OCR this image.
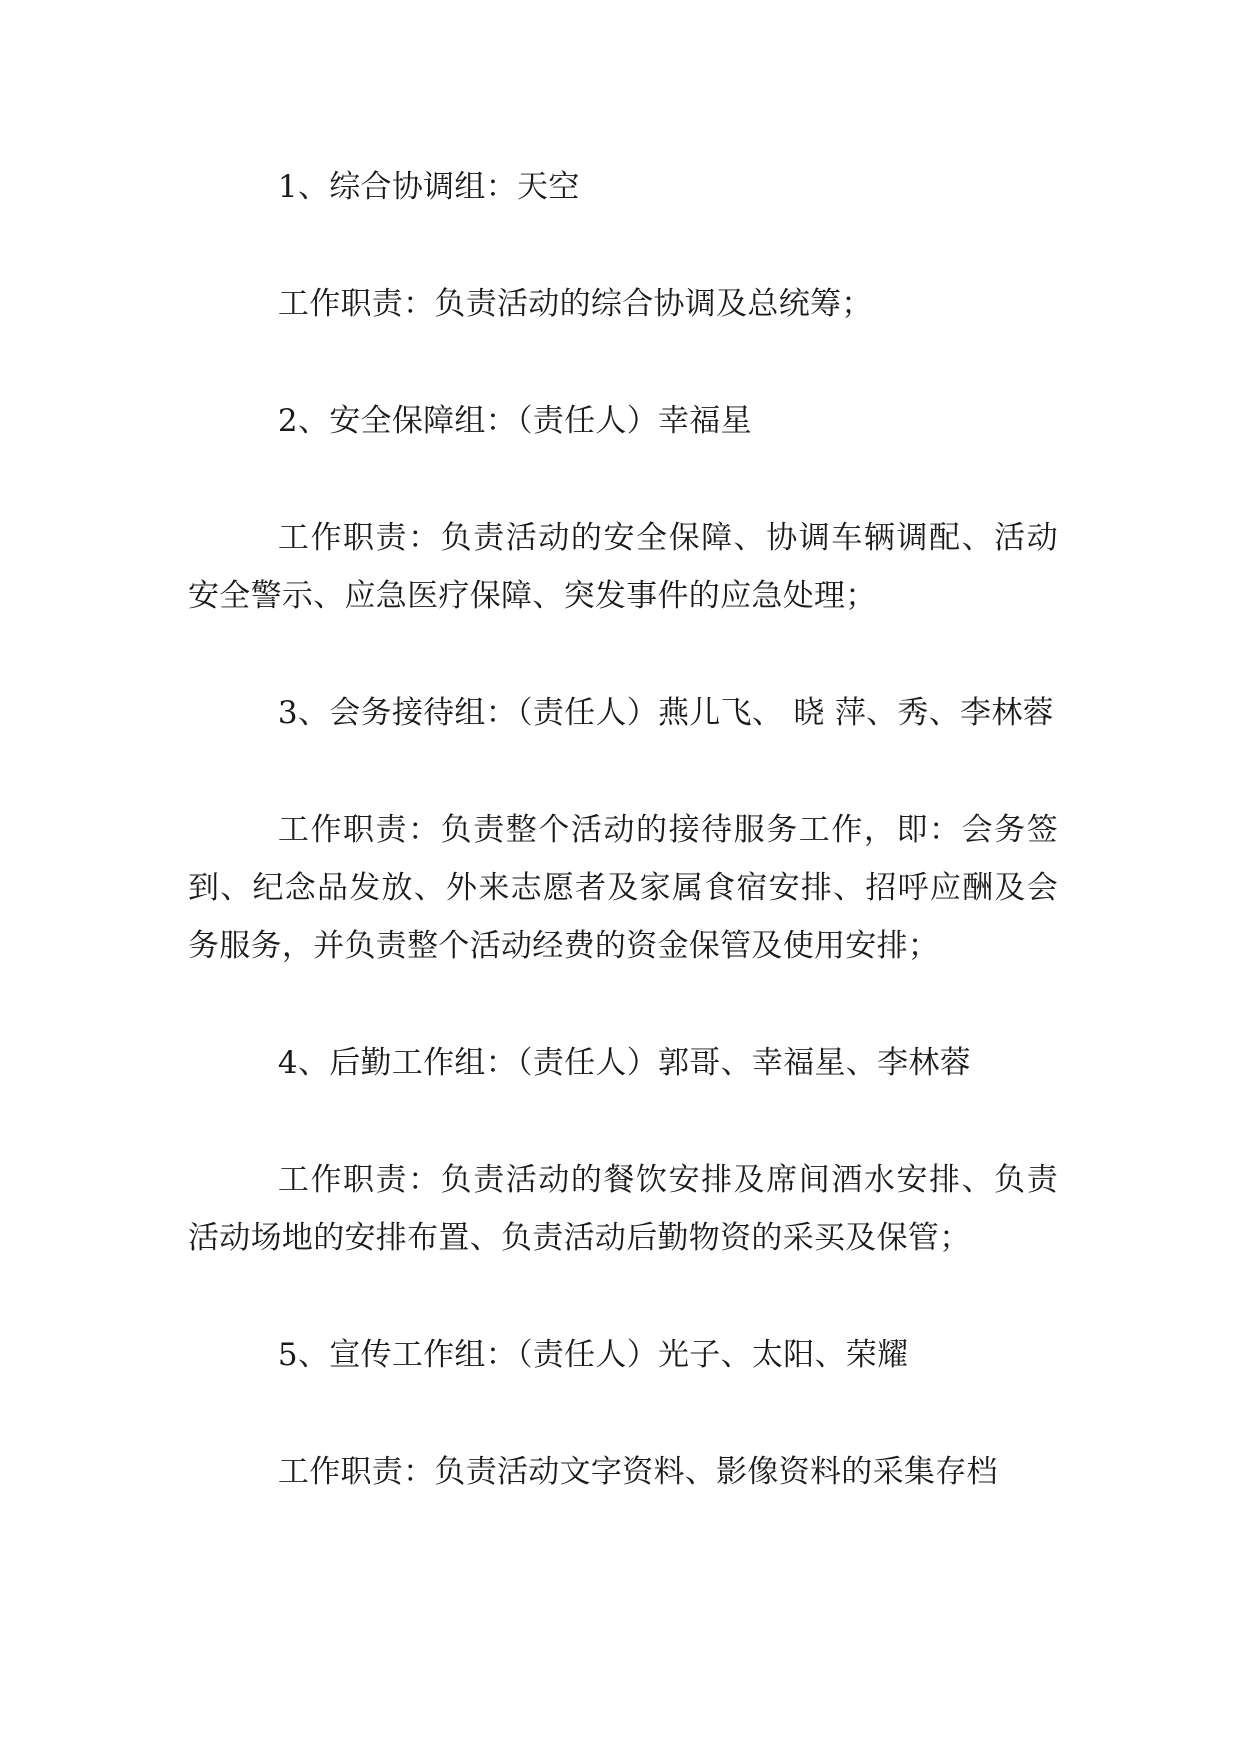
1、综合协调组：天空

工作职责：负责活动的综合协调及总统筹；

2、安全保障组：（责任人）幸福星

工作职责：负责活动的安全保障、协调车辆调配、活动安全警示、应急医疗保障、突发事件的应急处理；

3、会务接待组：（责任人）燕儿飞、 晓 萍、秀、李林蓉

工作职责：负责整个活动的接待服务工作，即：会务签到、纪念品发放、外来志愿者及家属食宿安排、招呼应酬及会务服务，并负责整个活动经费的资金保管及使用安排；

4、后勤工作组：（责任人）郭哥、幸福星、李林蓉

工作职责：负责活动的餐饮安排及席间酒水安排、负责活动场地的安排布置、负责活动后勤物资的采买及保管；

5、宣传工作组：（责任人）光子、太阳、荣耀

工作职责：负责活动文字资料、影像资料的采集存档
